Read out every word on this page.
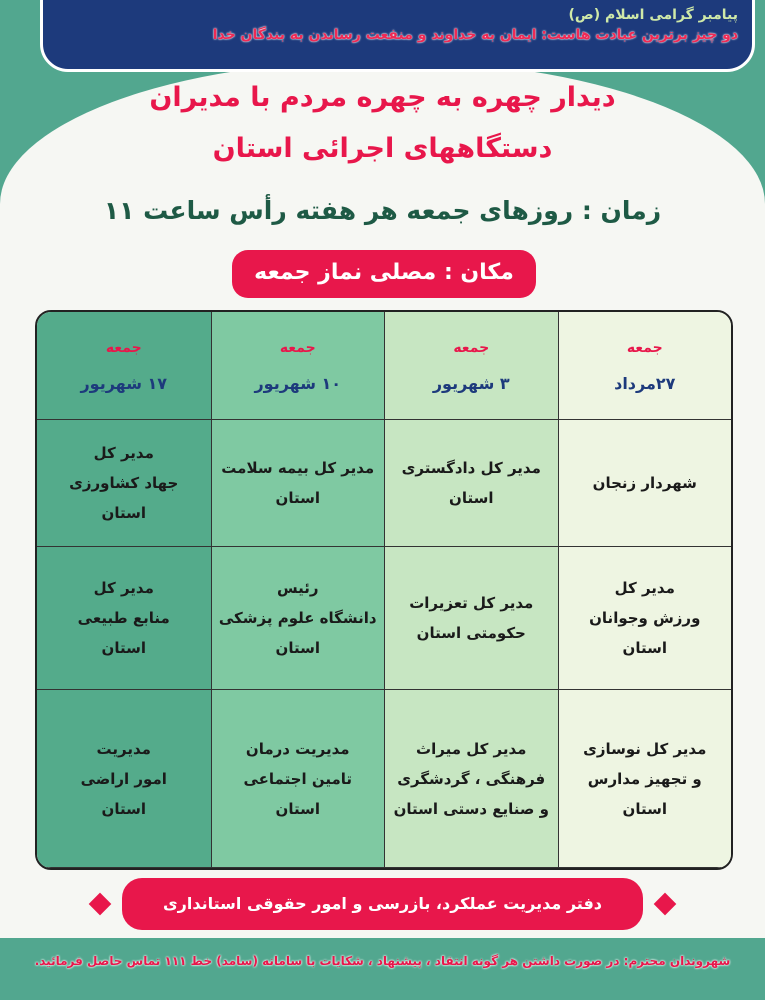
پیامبر گرامی اسلام (ص)
دو چیز برترین عبادت هاست: ایمان به خداوند و منفعت رساندن به بندگان خدا
دیدار چهره به چهره مردم با مدیران
دستگاههای اجرائی استان
زمان : روزهای جمعه هر هفته رأس ساعت ۱۱
مکان : مصلی نماز جمعه
جمعه
۲۷مرداد
شهردار زنجان
مدیر کل
ورزش وجوانان
استان
مدیر کل نوسازی
و تجهیز مدارس
استان
جمعه
۳ شهریور
مدیر کل دادگستری
استان
مدیر کل تعزیرات
حکومتی استان
مدیر کل میراث
فرهنگی ، گردشگری
و صنایع دستی استان
جمعه
۱۰ شهریور
مدیر کل بیمه سلامت
استان
رئیس
دانشگاه علوم پزشکی
استان
مدیریت درمان
تامین اجتماعی
استان
جمعه
۱۷ شهریور
مدیر کل
جهاد کشاورزی
استان
مدیر کل
منابع طبیعی
استان
مدیریت
امور اراضی
استان
دفتر مدیریت عملکرد، بازرسی و امور حقوقی استانداری
شهروندان محترم: در صورت داشتن هر گونه انتقاد ، پیشنهاد ، شکایات با سامانه (سامد) خط ۱۱۱ تماس حاصل فرمائید.
